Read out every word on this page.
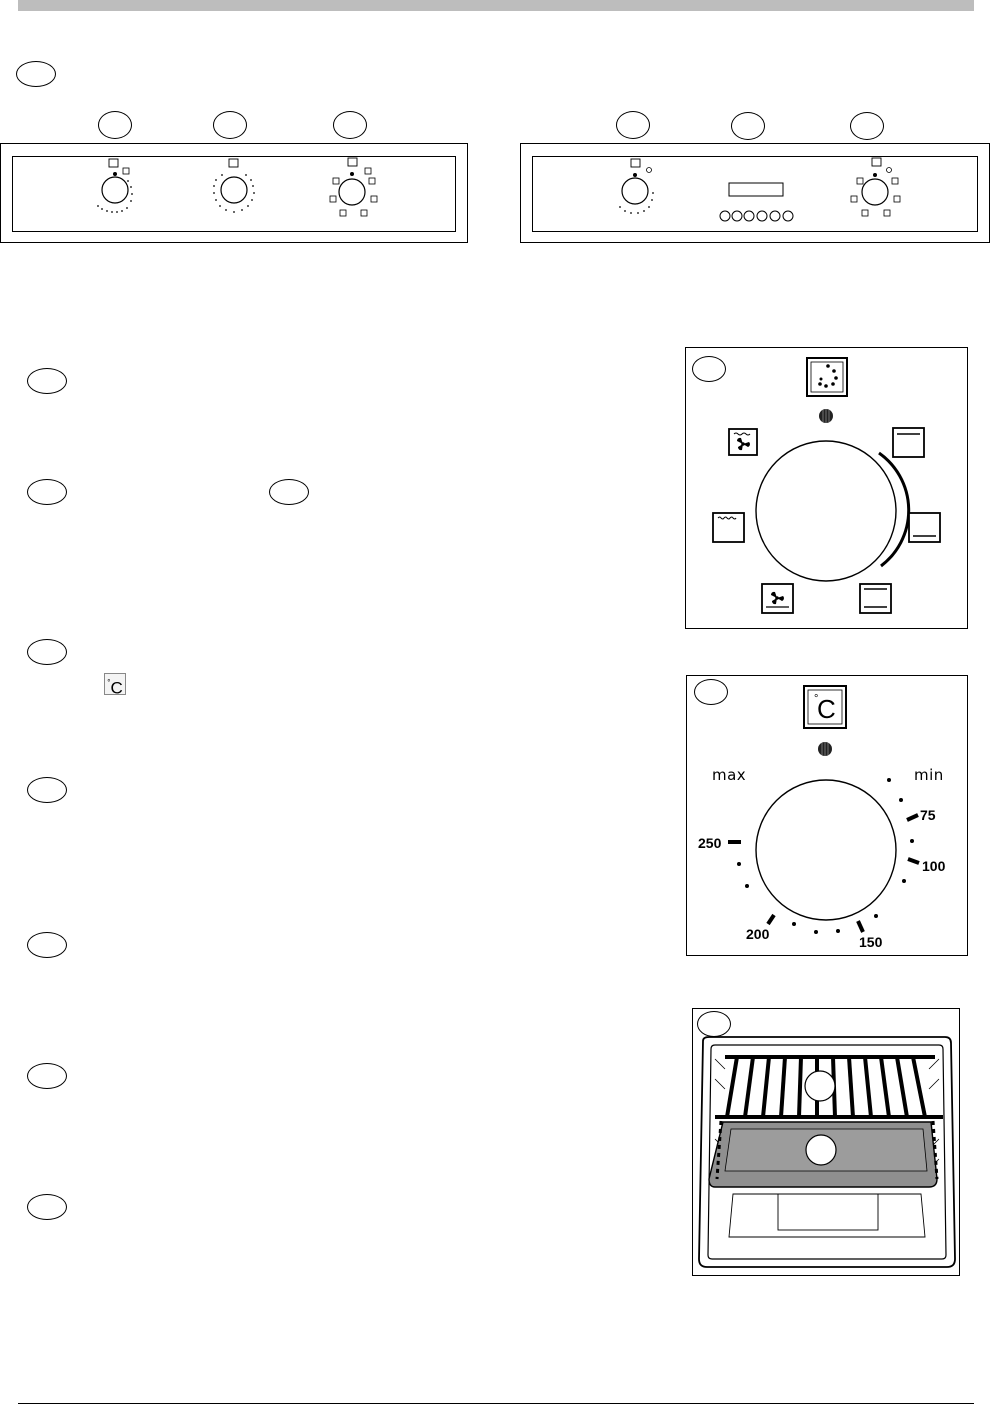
°C
°
C
max	min
75
100
150
200
250
